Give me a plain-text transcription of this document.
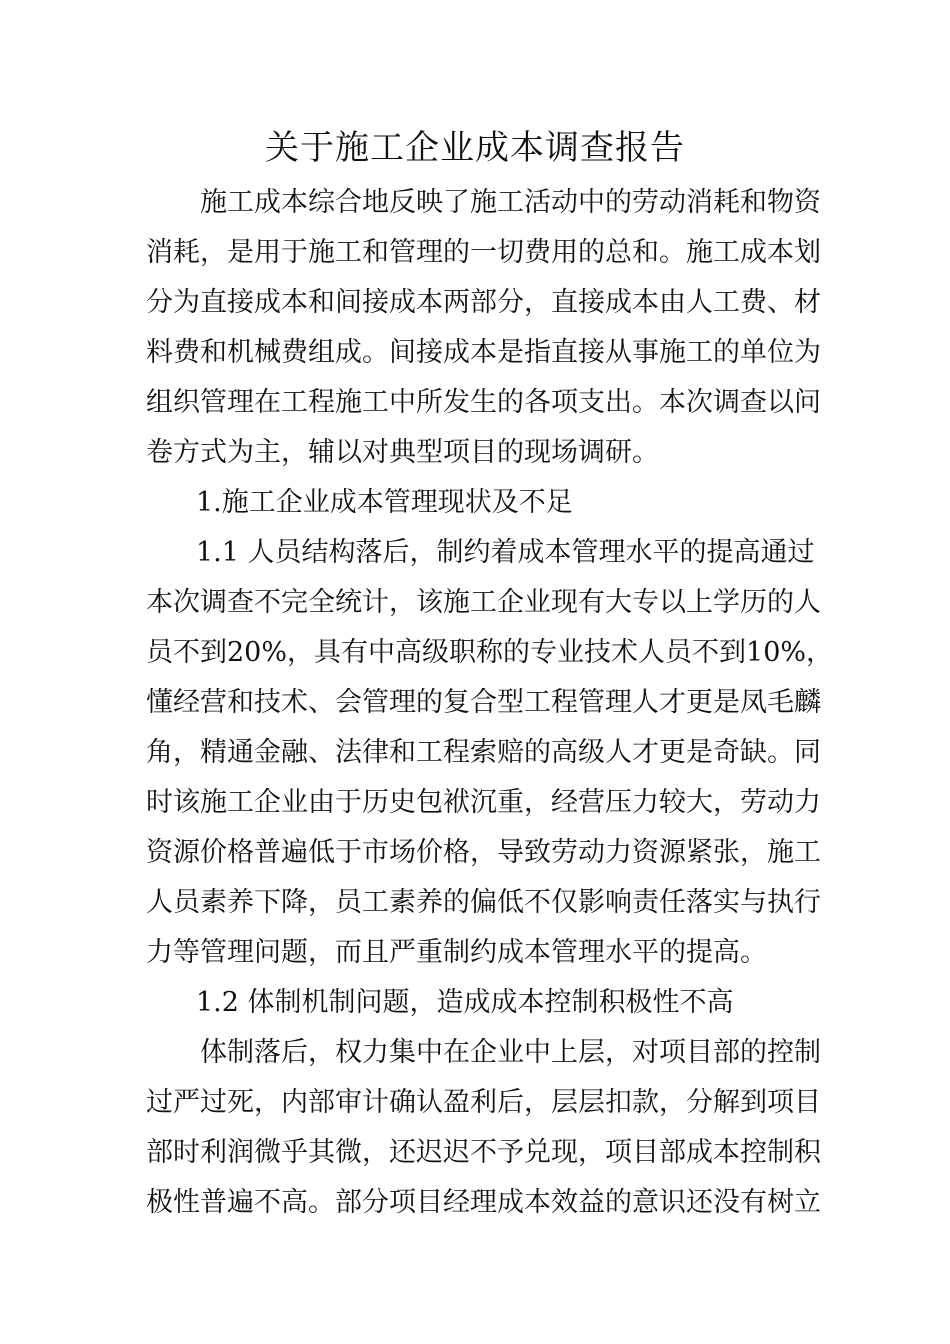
关于施工企业成本调查报告
施工成本综合地反映了施工活动中的劳动消耗和物资
消耗，是用于施工和管理的一切费用的总和。施工成本划
分为直接成本和间接成本两部分，直接成本由人工费、材
料费和机械费组成。间接成本是指直接从事施工的单位为
组织管理在工程施工中所发生的各项支出。本次调查以问
卷方式为主，辅以对典型项目的现场调研。
1.施工企业成本管理现状及不足
1.1 人员结构落后，制约着成本管理水平的提高通过
本次调查不完全统计，该施工企业现有大专以上学历的人
员不到20%，具有中高级职称的专业技术人员不到10%，
懂经营和技术、会管理的复合型工程管理人才更是凤毛麟
角，精通金融、法律和工程索赔的高级人才更是奇缺。同
时该施工企业由于历史包袱沉重，经营压力较大，劳动力
资源价格普遍低于市场价格，导致劳动力资源紧张，施工
人员素养下降，员工素养的偏低不仅影响责任落实与执行
力等管理问题，而且严重制约成本管理水平的提高。
1.2 体制机制问题，造成成本控制积极性不高
体制落后，权力集中在企业中上层，对项目部的控制
过严过死，内部审计确认盈利后，层层扣款，分解到项目
部时利润微乎其微，还迟迟不予兑现，项目部成本控制积
极性普遍不高。部分项目经理成本效益的意识还没有树立
